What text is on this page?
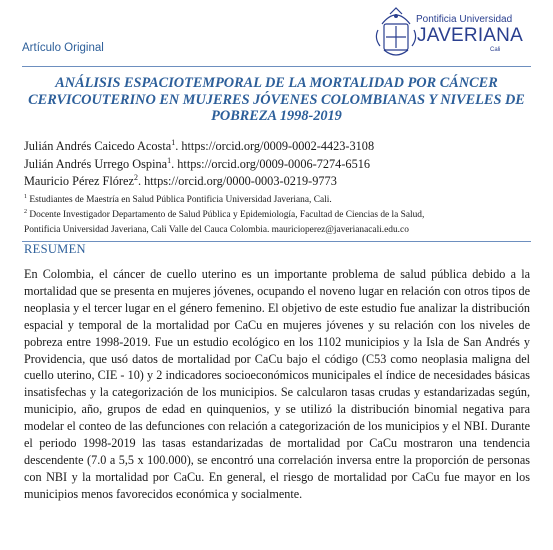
Artículo Original
Pontificia Universidad
JAVERIANA
Cali
ANÁLISIS ESPACIOTEMPORAL DE LA MORTALIDAD POR CÁNCER CERVICOUTERINO EN MUJERES JÓVENES COLOMBIANAS Y NIVELES DE POBREZA 1998-2019
Julián Andrés Caicedo Acosta$^1$. https://orcid.org/0009-0002-4423-3108
Julián Andrés Urrego Ospina$^1$. https://orcid.org/0009-0006-7274-6516
Mauricio Pérez Flórez$^2$. https://orcid.org/0000-0003-0219-9773
$^1$ Estudiantes de Maestría en Salud Pública Pontificia Universidad Javeriana, Cali.
$^2$ Docente Investigador Departamento de Salud Pública y Epidemiología, Facultad de Ciencias de la Salud,
Pontificia Universidad Javeriana, Cali Valle del Cauca Colombia. mauricioperez@javerianacali.edu.co
RESUMEN

En Colombia, el cáncer de cuello uterino es un importante problema de salud pública debido a la mortalidad que se presenta en mujeres jóvenes, ocupando el noveno lugar en relación con otros tipos de neoplasia y el tercer lugar en el género femenino. El objetivo de este estudio fue analizar la distribución espacial y temporal de la mortalidad por CaCu en mujeres jóvenes y su relación con los niveles de pobreza entre 1998-2019. Fue un estudio ecológico en los 1102 municipios y la Isla de San Andrés y Providencia, que usó datos de mortalidad por CaCu bajo el código (C53 como neoplasia maligna del cuello uterino, CIE - 10) y 2 indicadores socioeconómicos municipales el índice de necesidades básicas insatisfechas y la categorización de los municipios. Se calcularon tasas crudas y estandarizadas según, municipio, año, grupos de edad en quinquenios, y se utilizó la distribución binomial negativa para modelar el conteo de las defunciones con relación a categorización de los municipios y el NBI. Durante el periodo 1998-2019 las tasas estandarizadas de mortalidad por CaCu mostraron una tendencia descendente (7.0 a 5,5 x 100.000), se encontró una correlación inversa entre la proporción de personas con NBI y la mortalidad por CaCu. En general, el riesgo de mortalidad por CaCu fue mayor en los municipios menos favorecidos económica y socialmente.
